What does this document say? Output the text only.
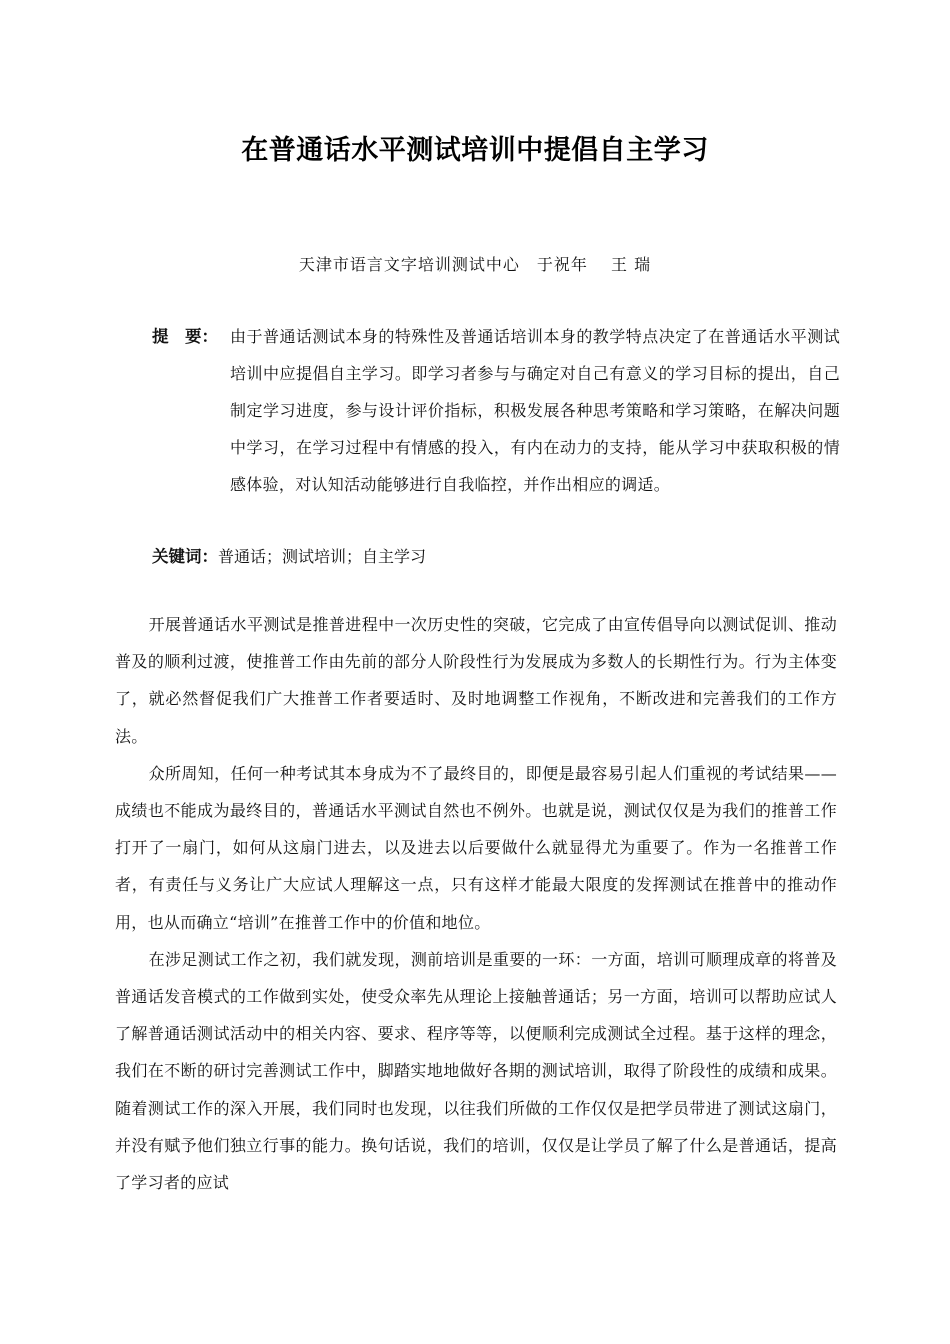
在普通话水平测试培训中提倡自主学习
天津市语言文字培训测试中心　于祝年　 王 瑞
提　要： 由于普通话测试本身的特殊性及普通话培训本身的教学特点决定了在普通话水平测试培训中应提倡自主学习。即学习者参与与确定对自己有意义的学习目标的提出，自己制定学习进度，参与设计评价指标，积极发展各种思考策略和学习策略，在解决问题中学习，在学习过程中有情感的投入，有内在动力的支持，能从学习中获取积极的情感体验，对认知活动能够进行自我临控，并作出相应的调适。
关键词：普通话；测试培训；自主学习

开展普通话水平测试是推普进程中一次历史性的突破，它完成了由宣传倡导向以测试促训、推动普及的顺利过渡，使推普工作由先前的部分人阶段性行为发展成为多数人的长期性行为。行为主体变了，就必然督促我们广大推普工作者要适时、及时地调整工作视角，不断改进和完善我们的工作方法。

众所周知，任何一种考试其本身成为不了最终目的，即便是最容易引起人们重视的考试结果——成绩也不能成为最终目的，普通话水平测试自然也不例外。也就是说，测试仅仅是为我们的推普工作打开了一扇门，如何从这扇门进去，以及进去以后要做什么就显得尤为重要了。作为一名推普工作者，有责任与义务让广大应试人理解这一点，只有这样才能最大限度的发挥测试在推普中的推动作用，也从而确立“培训”在推普工作中的价值和地位。

在涉足测试工作之初，我们就发现，测前培训是重要的一环：一方面，培训可顺理成章的将普及普通话发音模式的工作做到实处，使受众率先从理论上接触普通话；另一方面，培训可以帮助应试人了解普通话测试活动中的相关内容、要求、程序等等，以便顺利完成测试全过程。基于这样的理念，我们在不断的研讨完善测试工作中，脚踏实地地做好各期的测试培训，取得了阶段性的成绩和成果。随着测试工作的深入开展，我们同时也发现，以往我们所做的工作仅仅是把学员带进了测试这扇门，并没有赋予他们独立行事的能力。换句话说，我们的培训，仅仅是让学员了解了什么是普通话，提高了学习者的应试
